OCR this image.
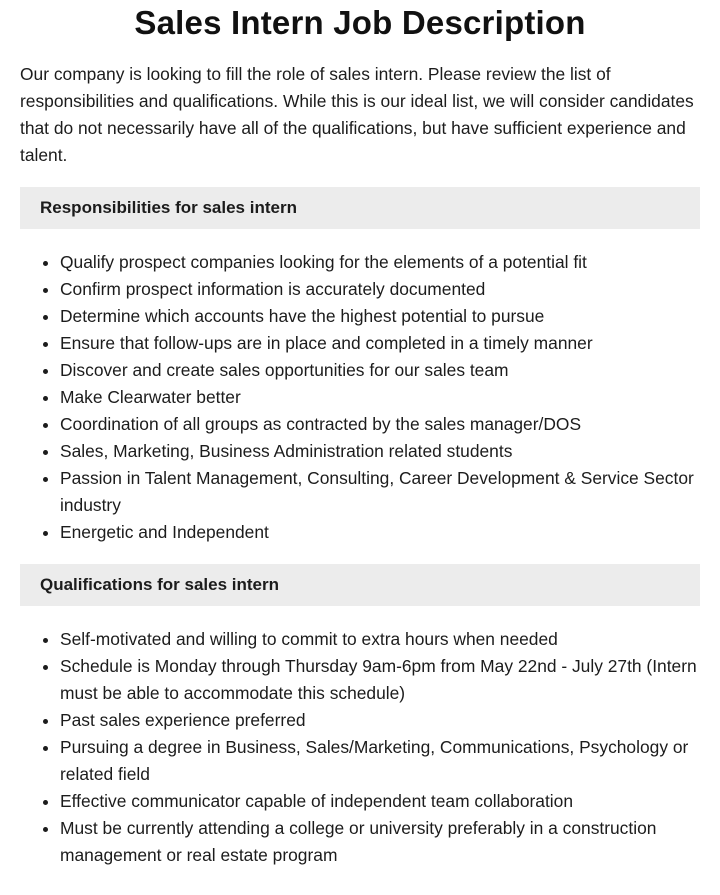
Sales Intern Job Description

Our company is looking to fill the role of sales intern. Please review the list of responsibilities and qualifications. While this is our ideal list, we will consider candidates that do not necessarily have all of the qualifications, but have sufficient experience and talent.

Responsibilities for sales intern
• Qualify prospect companies looking for the elements of a potential fit
• Confirm prospect information is accurately documented
• Determine which accounts have the highest potential to pursue
• Ensure that follow-ups are in place and completed in a timely manner
• Discover and create sales opportunities for our sales team
• Make Clearwater better
• Coordination of all groups as contracted by the sales manager/DOS
• Sales, Marketing, Business Administration related students
• Passion in Talent Management, Consulting, Career Development & Service Sector industry
• Energetic and Independent
Qualifications for sales intern
• Self-motivated and willing to commit to extra hours when needed
• Schedule is Monday through Thursday 9am-6pm from May 22nd - July 27th (Intern must be able to accommodate this schedule)
• Past sales experience preferred
• Pursuing a degree in Business, Sales/Marketing, Communications, Psychology or related field
• Effective communicator capable of independent team collaboration
• Must be currently attending a college or university preferably in a construction management or real estate program
